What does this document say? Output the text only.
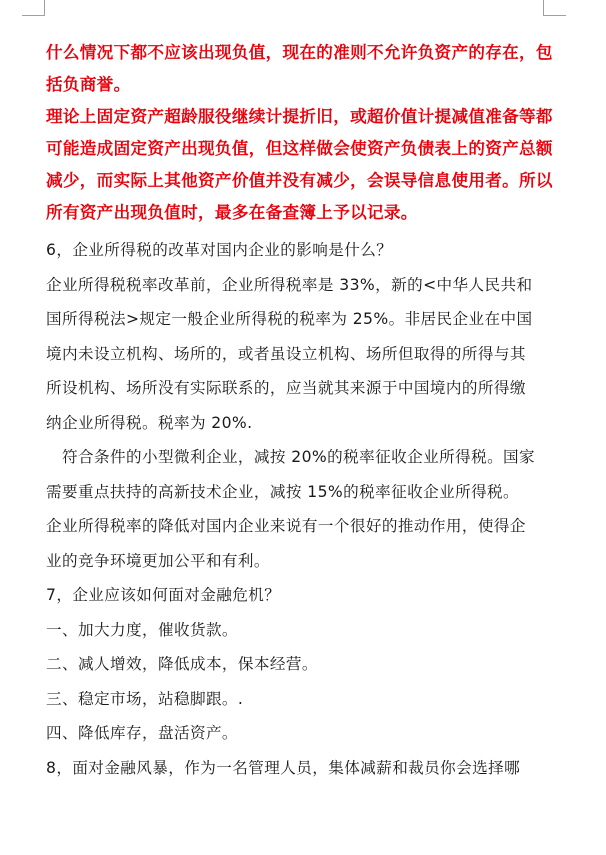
什么情况下都不应该出现负值，现在的准则不允许负资产的存在，包

括负商誉。

理论上固定资产超龄服役继续计提折旧，或超价值计提减值准备等都

可能造成固定资产出现负值，但这样做会使资产负债表上的资产总额

减少，而实际上其他资产价值并没有减少，会误导信息使用者。所以

所有资产出现负值时，最多在备查簿上予以记录。

6，企业所得税的改革对国内企业的影响是什么？

企业所得税税率改革前，企业所得税率是 33%，新的<中华人民共和

国所得税法>规定一般企业所得税的税率为 25%。非居民企业在中国

境内未设立机构、场所的，或者虽设立机构、场所但取得的所得与其

所设机构、场所没有实际联系的，应当就其来源于中国境内的所得缴

纳企业所得税。税率为 20%.

符合条件的小型微利企业，减按 20%的税率征收企业所得税。国家

需要重点扶持的高新技术企业，减按 15%的税率征收企业所得税。

企业所得税率的降低对国内企业来说有一个很好的推动作用，使得企

业的竞争环境更加公平和有利。

7，企业应该如何面对金融危机？

一、加大力度，催收货款。

二、减人增效，降低成本，保本经营。

三、稳定市场，站稳脚跟。.

四、降低库存，盘活资产。

8，面对金融风暴，作为一名管理人员，集体减薪和裁员你会选择哪
